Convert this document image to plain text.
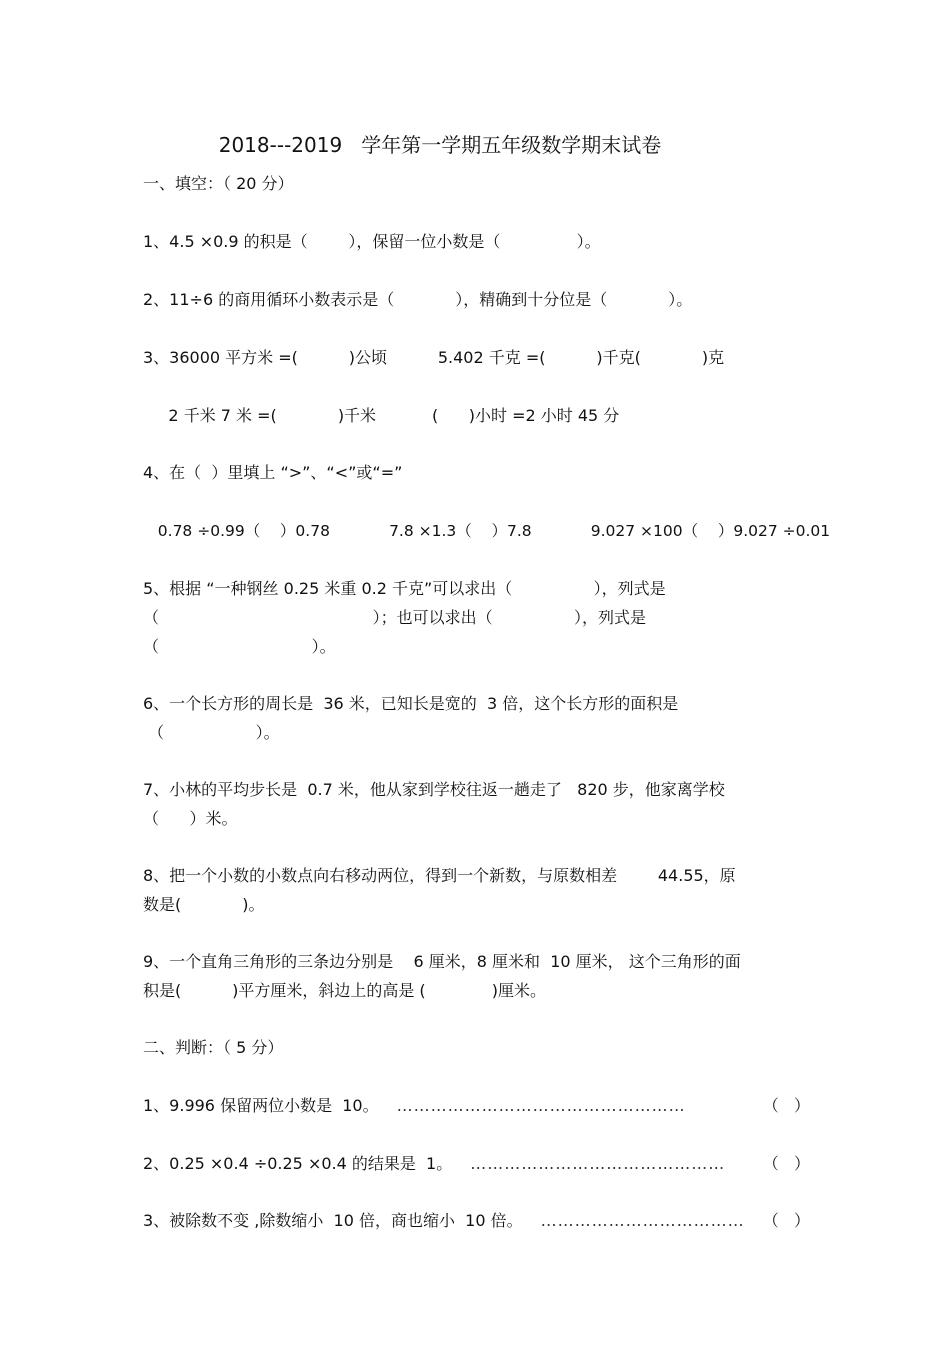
2018---2019   学年第一学期五年级数学期末试卷
一、填空：（ 20 分）
1、4.5 ×0.9 的积是（        ），保留一位小数是（               ）。
2、11÷6 的商用循环小数表示是（            ），精确到十分位是（            ）。
3、36000 平方米 =(          )公顷          5.402 千克 =(          )千克(            )克
2 千米 7 米 =(            )千米           (      )小时 =2 小时 45 分
4、在（  ）里填上 “>”、“<”或“=”
0.78 ÷0.99（    ）0.78            7.8 ×1.3（    ）7.8            9.027 ×100（    ）9.027 ÷0.01
5、根据 “一种钢丝 0.25 米重 0.2 千克”可以求出（                ），列式是
（                                          ）；也可以求出（                ），列式是
（                              ）。
6、一个长方形的周长是  36 米，已知长是宽的  3 倍，这个长方形的面积是
（                  ）。
7、小林的平均步长是  0.7 米，他从家到学校往返一趟走了   820 步，他家离学校
（      ）米。
8、把一个小数的小数点向右移动两位，得到一个新数，与原数相差        44.55，原
数是(            )。
9、一个直角三角形的三条边分别是    6 厘米，8 厘米和  10 厘米， 这个三角形的面
积是(          )平方厘米，斜边上的高是 (             )厘米。
二、判断：（ 5 分）
1、9.996 保留两位小数是  10。 ……………………………………………	（   ）
2、0.25 ×0.4 ÷0.25 ×0.4 的结果是  1。 ………………………………………	（   ）
3、被除数不变 ,除数缩小  10 倍，商也缩小  10 倍。 ………………………………	（   ）
